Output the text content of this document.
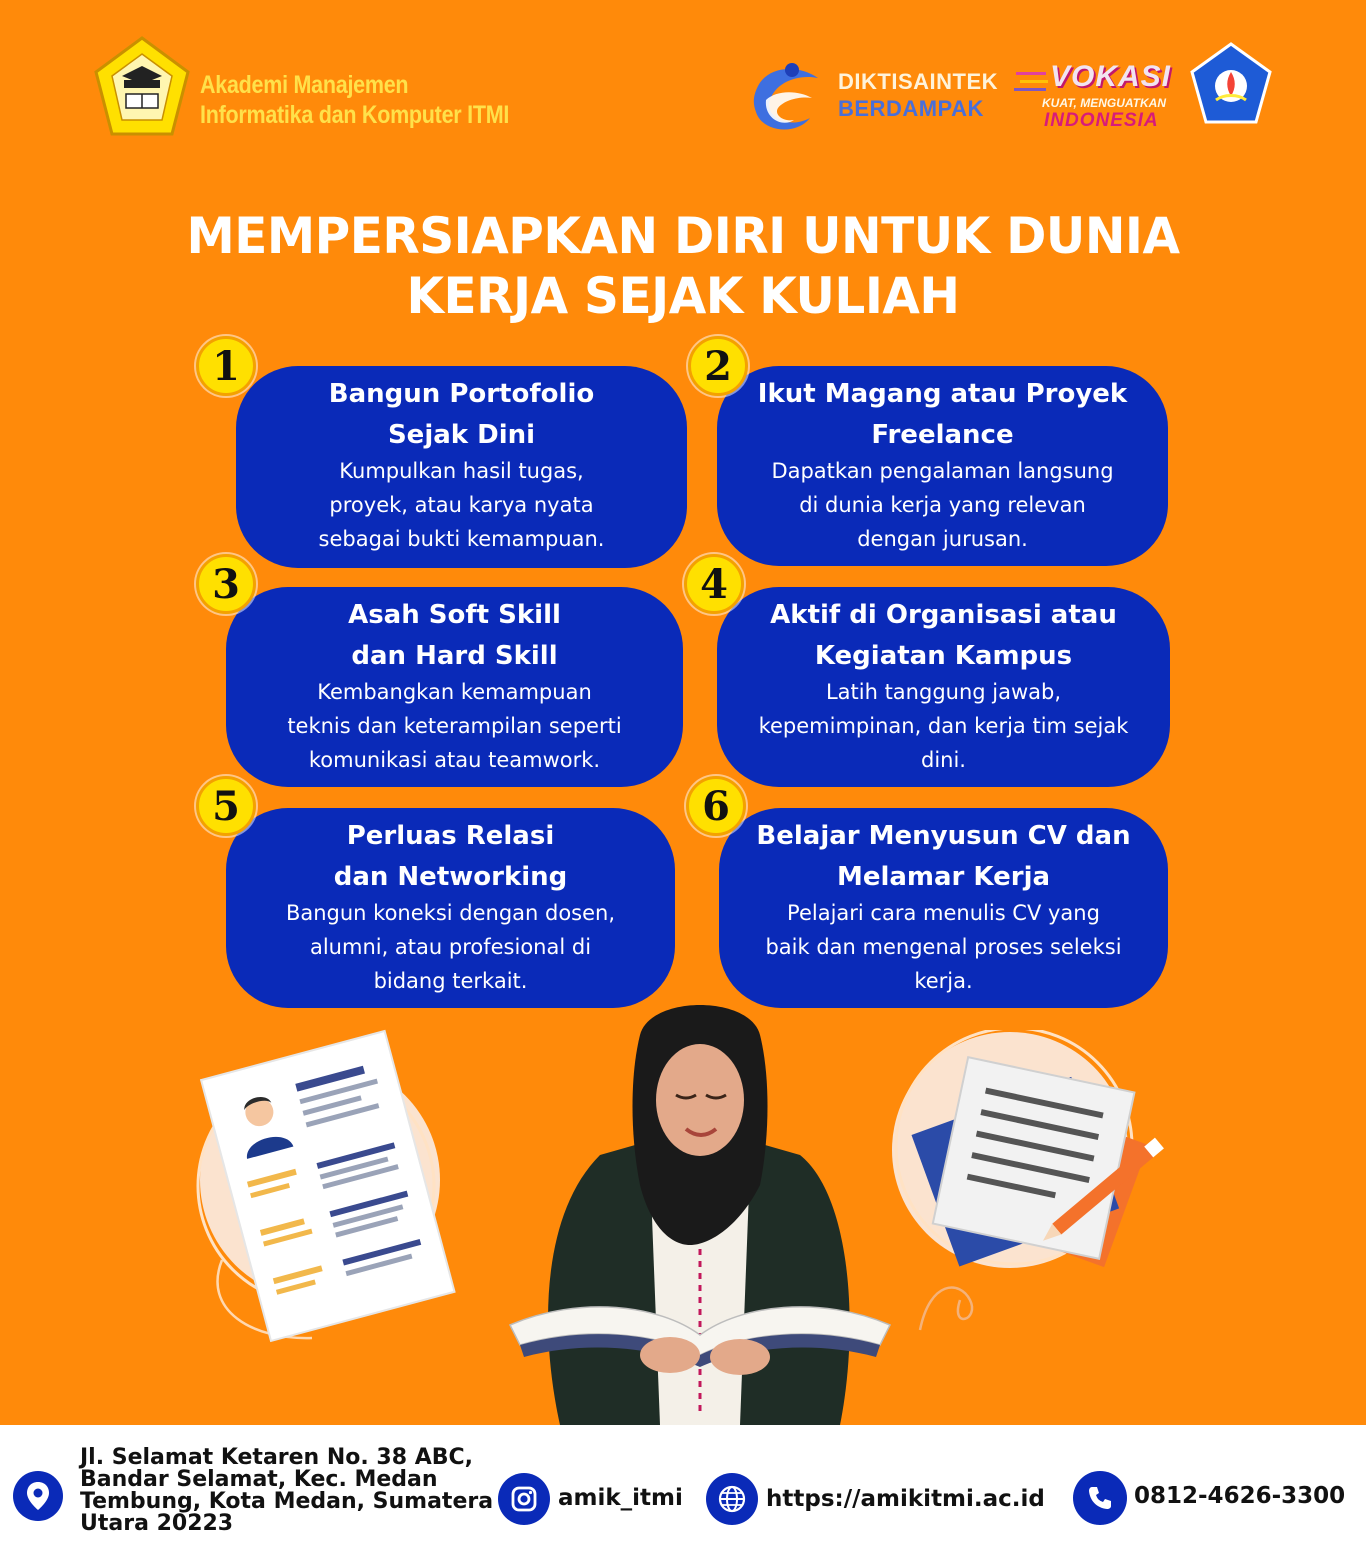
Akademi Manajemen
Informatika dan Komputer ITMI
DIKTISAINTEK
BERDAMPAK
VOKASI
KUAT, MENGUATKAN
INDONESIA
MEMPERSIAPKAN DIRI UNTUK DUNIA
KERJA SEJAK KULIAH
Bangun Portofolio
Sejak Dini
Kumpulkan hasil tugas,
proyek, atau karya nyata
sebagai bukti kemampuan.
1
Ikut Magang atau Proyek
Freelance
Dapatkan pengalaman langsung
di dunia kerja yang relevan
dengan jurusan.
2
Asah Soft Skill
dan Hard Skill
Kembangkan kemampuan
teknis dan keterampilan seperti
komunikasi atau teamwork.
3
Aktif di Organisasi atau
Kegiatan Kampus
Latih tanggung jawab,
kepemimpinan, dan kerja tim sejak
dini.
4
Perluas Relasi
dan Networking
Bangun koneksi dengan dosen,
alumni, atau profesional di
bidang terkait.
5
Belajar Menyusun CV dan
Melamar Kerja
Pelajari cara menulis CV yang
baik dan mengenal proses seleksi
kerja.
6
Jl. Selamat Ketaren No. 38 ABC,
Bandar Selamat, Kec. Medan
Tembung, Kota Medan, Sumatera
Utara 20223
amik_itmi	https://amikitmi.ac.id	0812-4626-3300
